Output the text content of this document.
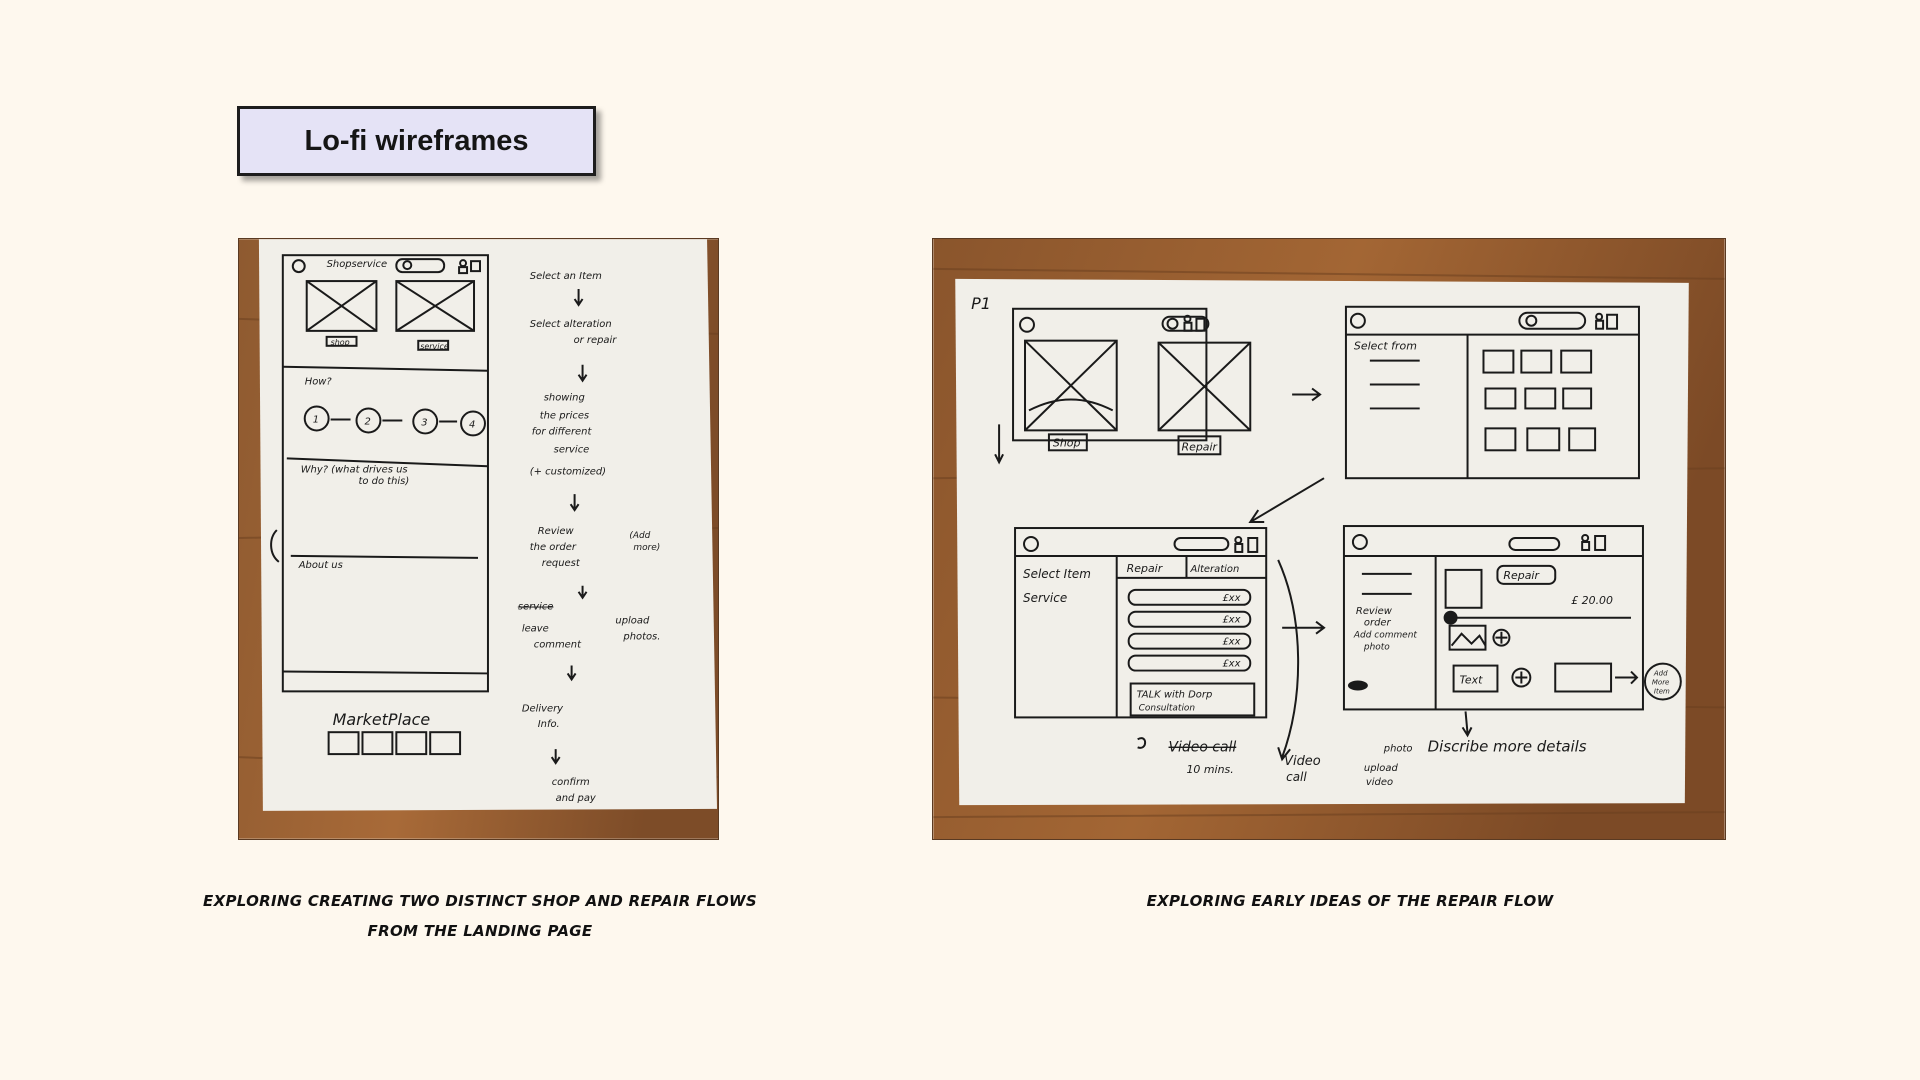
Lo-fi wireframes
Shop service
shop	service
How?
1	2	3	4
Why? (what drives us
to do this)
About us
MarketPlace
Select an Item
Select alteration
or repair
showing
the prices
for different
service
(+ customized)
Review
the order
request
(Add
more)
service
leave
comment
upload
photos.
Delivery
Info.
confirm
and pay
P1
Shop	Repair
Select from
Select Item
Service
Repair	Alteration
£xx
£xx
£xx
£xx
TALK with Dorp
Consultation
Repair
£ 20.00
Review
order
Add comment
photo
Text	Add
More
Item
Video call
10 mins.
Video
call
photo
upload
video
Discribe more details
EXPLORING CREATING TWO DISTINCT SHOP AND REPAIR FLOWS
FROM THE LANDING PAGE
EXPLORING EARLY IDEAS OF THE REPAIR FLOW
